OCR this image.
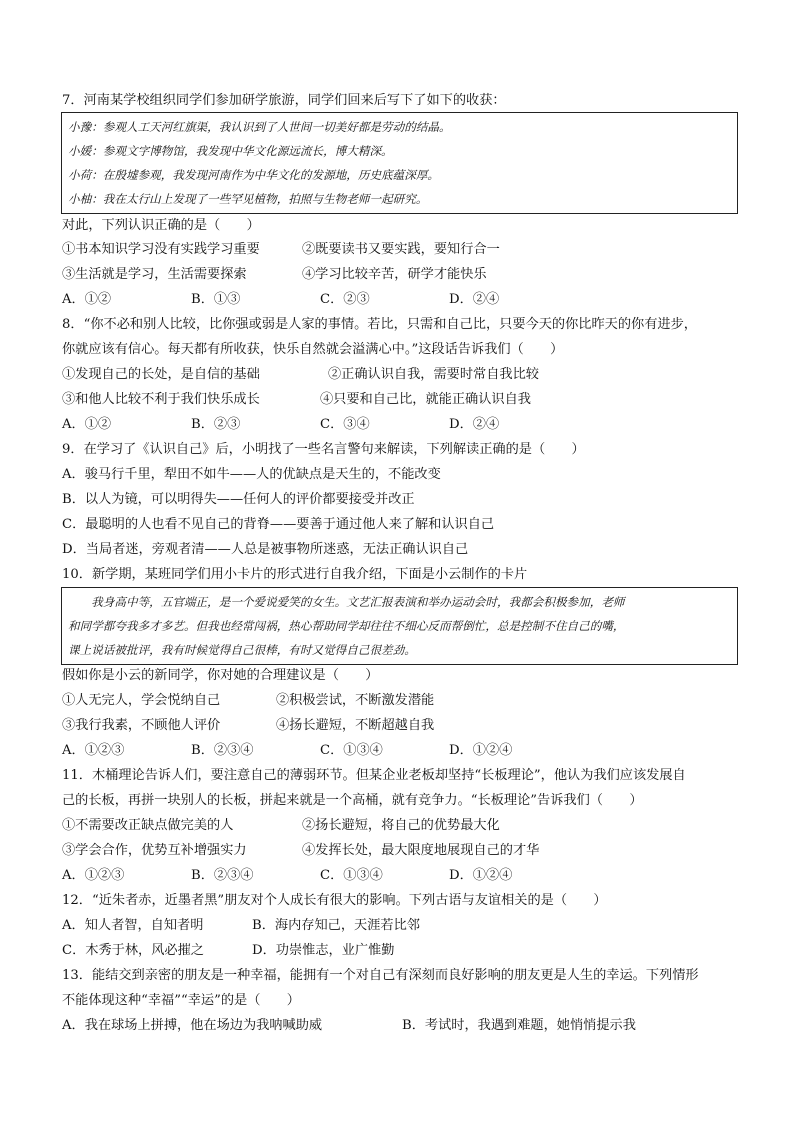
7．河南某学校组织同学们参加研学旅游，同学们回来后写下了如下的收获：
小豫：参观人工天河红旗渠，我认识到了人世间一切美好都是劳动的结晶。
小媛：参观文字博物馆，我发现中华文化源远流长，博大精深。
小荷：在殷墟参观，我发现河南作为中华文化的发源地，历史底蕴深厚。
小柚：我在太行山上发现了一些罕见植物，拍照与生物老师一起研究。
对此，下列认识正确的是（　　）
①书本知识学习没有实践学习重要	②既要读书又要实践，要知行合一
③生活就是学习，生活需要探索	④学习比较辛苦，研学才能快乐
A．①②	B．①③	C．②③	D．②④
8．“你不必和别人比较，比你强或弱是人家的事情。若比，只需和自己比，只要今天的你比昨天的你有进步，
你就应该有信心。每天都有所收获，快乐自然就会溢满心中。”这段话告诉我们（　　）
①发现自己的长处，是自信的基础	②正确认识自我，需要时常自我比较
③和他人比较不利于我们快乐成长	④只要和自己比，就能正确认识自我
A．①②	B．②③	C．③④	D．②④
9．在学习了《认识自己》后，小明找了一些名言警句来解读，下列解读正确的是（　　）
A．骏马行千里，犁田不如牛——人的优缺点是天生的，不能改变
B．以人为镜，可以明得失——任何人的评价都要接受并改正
C．最聪明的人也看不见自己的背脊——要善于通过他人来了解和认识自己
D．当局者迷，旁观者清——人总是被事物所迷惑，无法正确认识自己
10．新学期，某班同学们用小卡片的形式进行自我介绍，下面是小云制作的卡片
　　我身高中等，五官端正，是一个爱说爱笑的女生。文艺汇报表演和举办运动会时，我都会积极参加，老师
和同学都夸我多才多艺。但我也经常闯祸，热心帮助同学却往往不细心反而帮倒忙，总是控制不住自己的嘴，
课上说话被批评，我有时候觉得自己很棒，有时又觉得自己很差劲。
假如你是小云的新同学，你对她的合理建议是（　　）
①人无完人，学会悦纳自己	②积极尝试，不断激发潜能
③我行我素，不顾他人评价	④扬长避短，不断超越自我
A．①②③	B．②③④	C．①③④	D．①②④
11．木桶理论告诉人们，要注意自己的薄弱环节。但某企业老板却坚持“长板理论”，他认为我们应该发展自
己的长板，再拼一块别人的长板，拼起来就是一个高桶，就有竞争力。“长板理论”告诉我们（　　）
①不需要改正缺点做完美的人	②扬长避短，将自己的优势最大化
③学会合作，优势互补增强实力	④发挥长处，最大限度地展现自己的才华
A．①②③	B．②③④	C．①③④	D．①②④
12．“近朱者赤，近墨者黑”朋友对个人成长有很大的影响。下列古语与友谊相关的是（　　）
A．知人者智，自知者明	B．海内存知己，天涯若比邻
C．木秀于林，风必摧之	D．功崇惟志，业广惟勤
13．能结交到亲密的朋友是一种幸福，能拥有一个对自己有深刻而良好影响的朋友更是人生的幸运。下列情形
不能体现这种“幸福”“幸运”的是（　　）
A．我在球场上拼搏，他在场边为我呐喊助威	B．考试时，我遇到难题，她悄悄提示我
